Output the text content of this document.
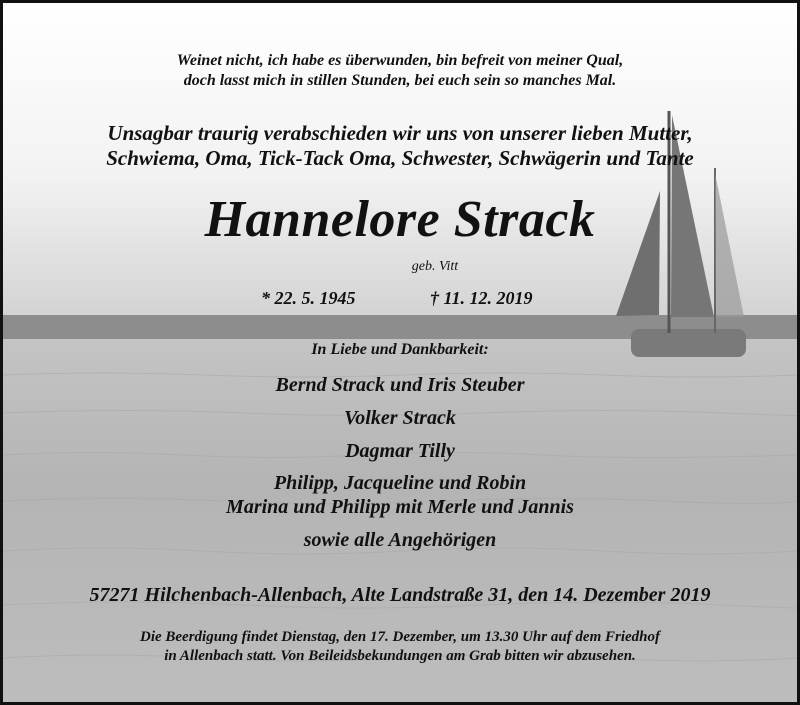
Weinet nicht, ich habe es überwunden, bin befreit von meiner Qual,
doch lasst mich in stillen Stunden, bei euch sein so manches Mal.
Unsagbar traurig verabschieden wir uns von unserer lieben Mutter,
Schwiema, Oma, Tick-Tack Oma, Schwester, Schwägerin und Tante
Hannelore Strack
geb. Vitt
* 22. 5. 1945	† 11. 12. 2019
In Liebe und Dankbarkeit:
Bernd Strack und Iris Steuber
Volker Strack
Dagmar Tilly
Philipp, Jacqueline und Robin
Marina und Philipp mit Merle und Jannis
sowie alle Angehörigen
57271 Hilchenbach-Allenbach, Alte Landstraße 31, den 14. Dezember 2019
Die Beerdigung findet Dienstag, den 17. Dezember, um 13.30 Uhr auf dem Friedhof
in Allenbach statt. Von Beileidsbekundungen am Grab bitten wir abzusehen.
